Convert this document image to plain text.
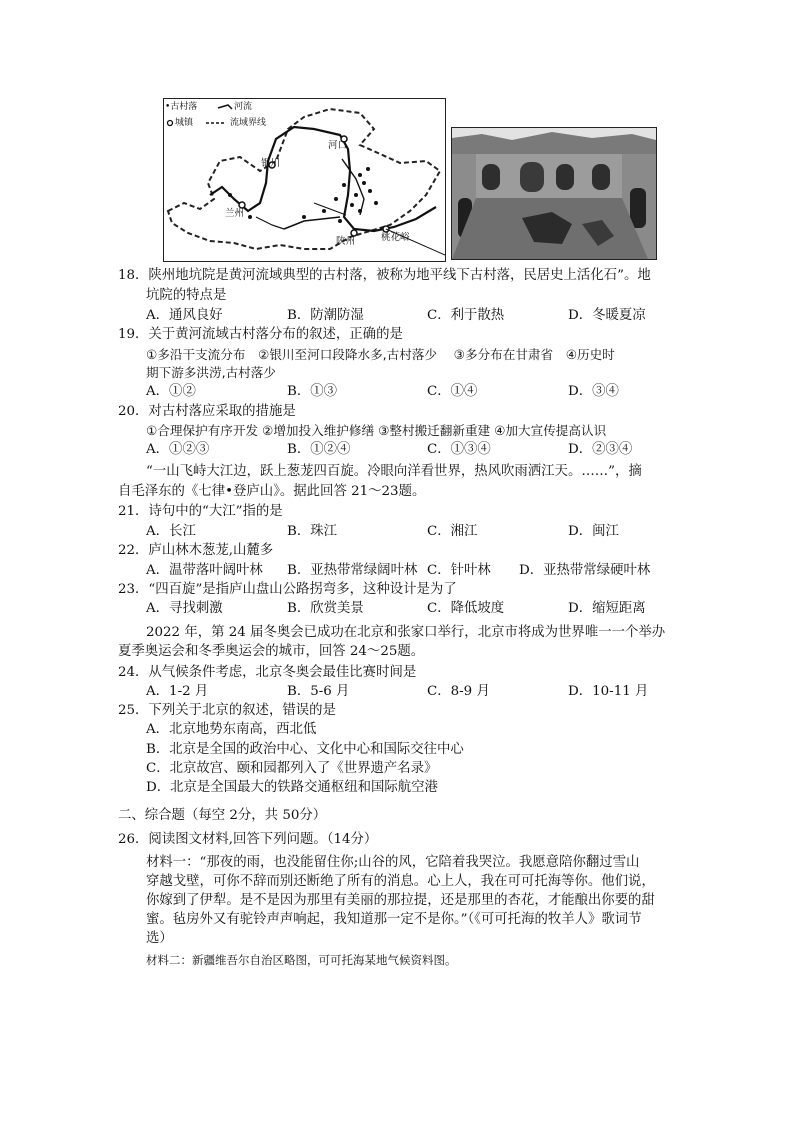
•古村落	河流
城镇	流域界线
河口
银川
兰州
陕州	桃花峪
18．陕州地坑院是黄河流域典型的古村落，被称为地平线下古村落，民居史上活化石”。地
坑院的特点是
A．通风良好	B．防潮防湿	C．利于散热	D．冬暖夏凉
19．关于黄河流域古村落分布的叙述，正确的是
①多沿干支流分布　②银川至河口段降水多,古村落少　 ③多分布在甘肃省　④历史时
期下游多洪涝,古村落少
A．①②	B．①③	C．①④	D．③④
20．对古村落应采取的措施是
①合理保护有序开发 ②增加投入维护修缮 ③整村搬迁翻新重建 ④加大宣传提高认识
A．①②③	B．①②④	C．①③④	D．②③④
“一山飞峙大江边，跃上葱茏四百旋。冷眼向洋看世界，热风吹雨洒江天。……”，摘
自毛泽东的《七律•登庐山》。据此回答 21～23题。
21．诗句中的“大江”指的是
A．长江	B．珠江	C．湘江	D．闽江
22．庐山林木葱茏,山麓多
A．温带落叶阔叶林 B．亚热带常绿阔叶林 C．针叶林 D．亚热带常绿硬叶林
23．“四百旋”是指庐山盘山公路拐弯多，这种设计是为了
A．寻找刺激	B．欣赏美景	C．降低坡度	D．缩短距离
2022 年，第 24 届冬奥会已成功在北京和张家口举行，北京市将成为世界唯一一个举办
夏季奥运会和冬季奥运会的城市，回答 24～25题。
24．从气候条件考虑，北京冬奥会最佳比赛时间是
A．1-2 月	B．5-6 月	C．8-9 月	D．10-11 月
25．下列关于北京的叙述，错误的是
A．北京地势东南高，西北低
B．北京是全国的政治中心、文化中心和国际交往中心
C．北京故宫、颐和园都列入了《世界遗产名录》
D．北京是全国最大的铁路交通枢纽和国际航空港
二、综合题（每空 2分，共 50分）
26．阅读图文材料,回答下列问题。（14分）
材料一：“那夜的雨，也没能留住你;山谷的风，它陪着我哭泣。我愿意陪你翻过雪山
穿越戈壁，可你不辞而别还断绝了所有的消息。心上人，我在可可托海等你。他们说，
你嫁到了伊犁。是不是因为那里有美丽的那拉提，还是那里的杏花，才能酿出你要的甜
蜜。毡房外又有驼铃声声响起，我知道那一定不是你。”（《可可托海的牧羊人》歌词节
选）
材料二：新疆维吾尔自治区略图，可可托海某地气候资料图。
